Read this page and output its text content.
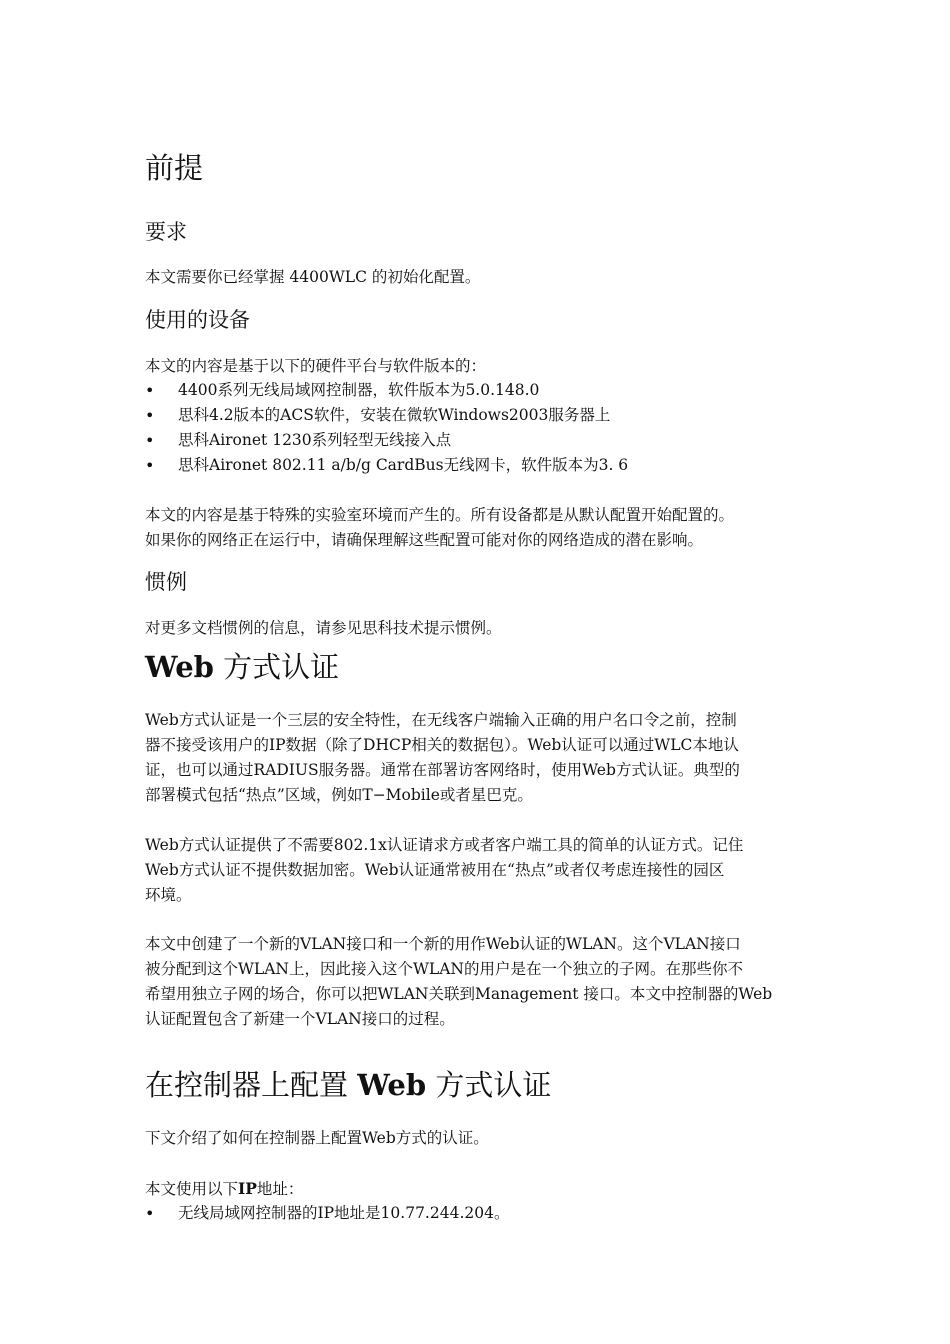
前提
要求
本文需要你已经掌握 4400WLC 的初始化配置。
使用的设备
本文的内容是基于以下的硬件平台与软件版本的：
• 4400系列无线局域网控制器，软件版本为5.0.148.0
• 思科4.2版本的ACS软件，安装在微软Windows2003服务器上
• 思科Aironet 1230系列轻型无线接入点
• 思科Aironet 802.11 a/b/g CardBus无线网卡，软件版本为3. 6
本文的内容是基于特殊的实验室环境而产生的。所有设备都是从默认配置开始配置的。
如果你的网络正在运行中，请确保理解这些配置可能对你的网络造成的潜在影响。
惯例
对更多文档惯例的信息，请参见思科技术提示惯例。
Web 方式认证
Web方式认证是一个三层的安全特性，在无线客户端输入正确的用户名口令之前，控制
器不接受该用户的IP数据（除了DHCP相关的数据包）。Web认证可以通过WLC本地认
证，也可以通过RADIUS服务器。通常在部署访客网络时，使用Web方式认证。典型的
部署模式包括“热点”区域，例如T−Mobile或者星巴克。
Web方式认证提供了不需要802.1x认证请求方或者客户端工具的简单的认证方式。记住
Web方式认证不提供数据加密。Web认证通常被用在“热点”或者仅考虑连接性的园区
环境。
本文中创建了一个新的VLAN接口和一个新的用作Web认证的WLAN。这个VLAN接口
被分配到这个WLAN上，因此接入这个WLAN的用户是在一个独立的子网。在那些你不
希望用独立子网的场合，你可以把WLAN关联到Management 接口。本文中控制器的Web
认证配置包含了新建一个VLAN接口的过程。
在控制器上配置 Web 方式认证
下文介绍了如何在控制器上配置Web方式的认证。
本文使用以下IP地址：
• 无线局域网控制器的IP地址是10.77.244.204。
